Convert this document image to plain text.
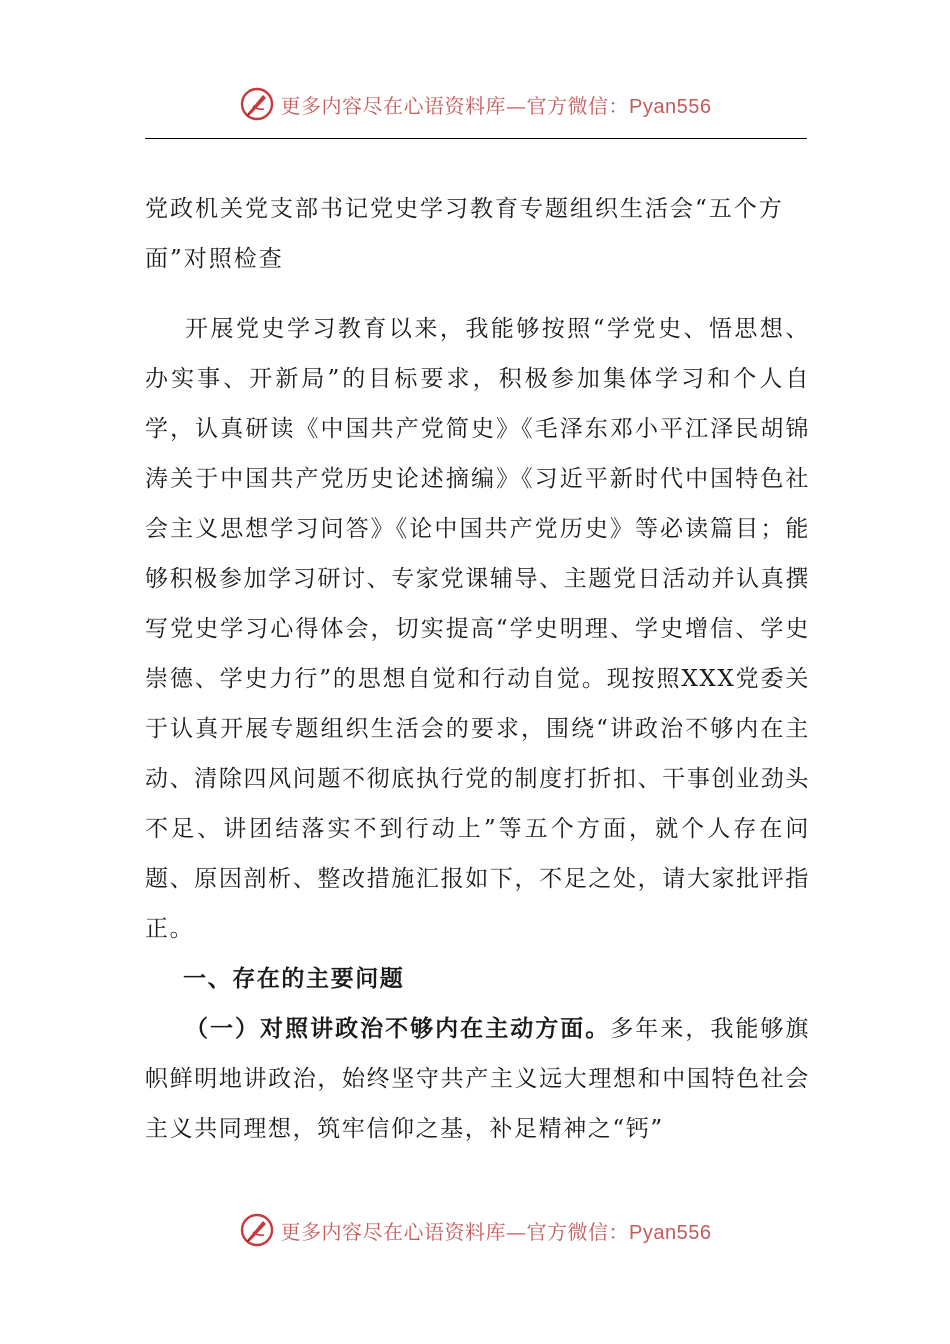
更多内容尽在心语资料库—官方微信：Pyan556

党政机关党支部书记党史学习教育专题组织生活会“五个方面”对照检查

开展党史学习教育以来，我能够按照“学党史、悟思想、办实事、开新局”的目标要求，积极参加集体学习和个人自学，认真研读《中国共产党简史》《毛泽东邓小平江泽民胡锦涛关于中国共产党历史论述摘编》《习近平新时代中国特色社会主义思想学习问答》《论中国共产党历史》等必读篇目；能够积极参加学习研讨、专家党课辅导、主题党日活动并认真撰写党史学习心得体会，切实提高“学史明理、学史增信、学史崇德、学史力行”的思想自觉和行动自觉。现按照XXX党委关于认真开展专题组织生活会的要求，围绕“讲政治不够内在主动、清除四风问题不彻底执行党的制度打折扣、干事创业劲头不足、讲团结落实不到行动上”等五个方面，就个人存在问题、原因剖析、整改措施汇报如下，不足之处，请大家批评指正。

一、存在的主要问题

（一）对照讲政治不够内在主动方面。多年来，我能够旗帜鲜明地讲政治，始终坚守共产主义远大理想和中国特色社会主义共同理想，筑牢信仰之基，补足精神之“钙”

更多内容尽在心语资料库—官方微信：Pyan556
